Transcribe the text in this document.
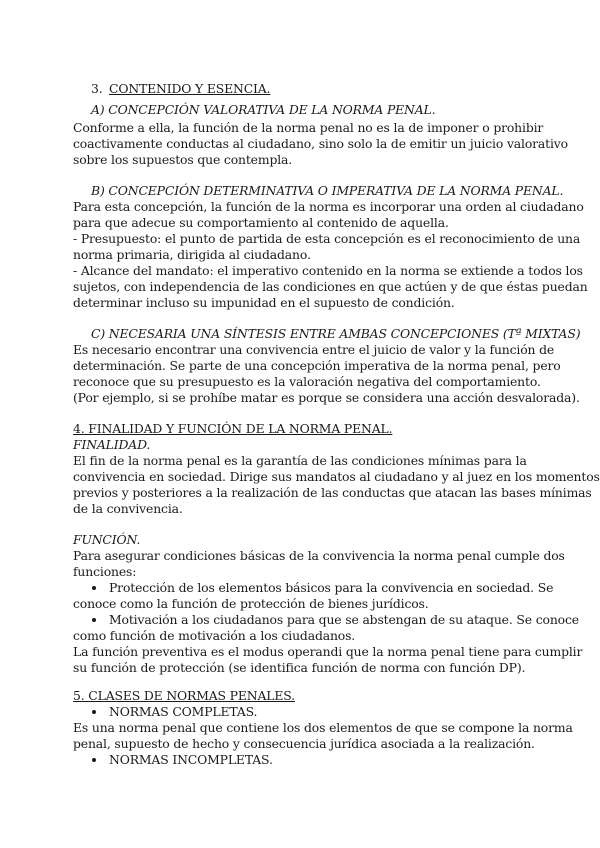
3. CONTENIDO Y ESENCIA.
A) CONCEPCIÓN VALORATIVA DE LA NORMA PENAL.
Conforme a ella, la función de la norma penal no es la de imponer o prohibir
coactivamente conductas al ciudadano, sino solo la de emitir un juicio valorativo
sobre los supuestos que contempla.
B) CONCEPCIÓN DETERMINATIVA O IMPERATIVA DE LA NORMA PENAL.
Para esta concepción, la función de la norma es incorporar una orden al ciudadano
para que adecue su comportamiento al contenido de aquella.
- Presupuesto: el punto de partida de esta concepción es el reconocimiento de una
norma primaria, dirigida al ciudadano.
- Alcance del mandato: el imperativo contenido en la norma se extiende a todos los
sujetos, con independencia de las condiciones en que actúen y de que éstas puedan
determinar incluso su impunidad en el supuesto de condición.
C) NECESARIA UNA SÍNTESIS ENTRE AMBAS CONCEPCIONES (Tª MIXTAS)
Es necesario encontrar una convivencia entre el juicio de valor y la función de
determinación. Se parte de una concepción imperativa de la norma penal, pero
reconoce que su presupuesto es la valoración negativa del comportamiento.
(Por ejemplo, si se prohíbe matar es porque se considera una acción desvalorada).
4. FINALIDAD Y FUNCIÓN DE LA NORMA PENAL.
FINALIDAD.
El fin de la norma penal es la garantía de las condiciones mínimas para la
convivencia en sociedad. Dirige sus mandatos al ciudadano y al juez en los momentos
previos y posteriores a la realización de las conductas que atacan las bases mínimas
de la convivencia.
FUNCIÓN.
Para asegurar condiciones básicas de la convivencia la norma penal cumple dos
funciones:
Protección de los elementos básicos para la convivencia en sociedad. Se
conoce como la función de protección de bienes jurídicos.
Motivación a los ciudadanos para que se abstengan de su ataque. Se conoce
como función de motivación a los ciudadanos.
La función preventiva es el modus operandi que la norma penal tiene para cumplir
su función de protección (se identifica función de norma con función DP).
5. CLASES DE NORMAS PENALES.
NORMAS COMPLETAS.
Es una norma penal que contiene los dos elementos de que se compone la norma
penal, supuesto de hecho y consecuencia jurídica asociada a la realización.
NORMAS INCOMPLETAS.
